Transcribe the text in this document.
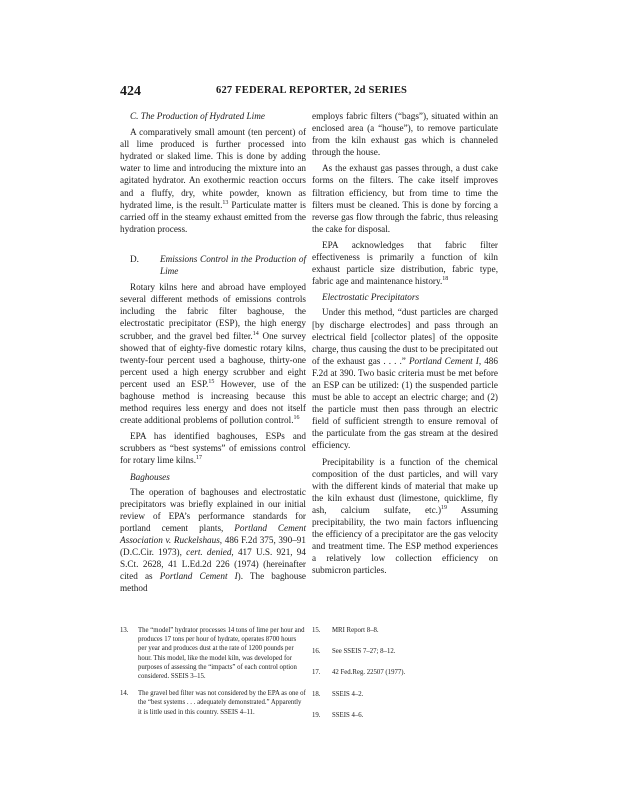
424	627 FEDERAL REPORTER, 2d SERIES
C. The Production of Hydrated Lime

A comparatively small amount (ten percent) of all lime produced is further processed into hydrated or slaked lime. This is done by adding water to lime and introducing the mixture into an agitated hydrator. An exothermic reaction occurs and a fluffy, dry, white powder, known as hydrated lime, is the result.$^{13}$ Particulate matter is carried off in the steamy exhaust emitted from the hydration process.

D.	Emissions Control in the Production of Lime

Rotary kilns here and abroad have employed several different methods of emissions controls including the fabric filter baghouse, the electrostatic precipitator (ESP), the high energy scrubber, and the gravel bed filter.$^{14}$ One survey showed that of eighty-five domestic rotary kilns, twenty-four percent used a baghouse, thirty-one percent used a high energy scrubber and eight percent used an ESP.$^{15}$ However, use of the baghouse method is increasing because this method requires less energy and does not itself create additional problems of pollution control.$^{16}$

EPA has identified baghouses, ESPs and scrubbers as “best systems” of emissions control for rotary lime kilns.$^{17}$

Baghouses

The operation of baghouses and electrostatic precipitators was briefly explained in our initial review of EPA’s performance standards for portland cement plants, Portland Cement Association v. Ruckelshaus, 486 F.2d 375, 390–91 (D.C.Cir. 1973), cert. denied, 417 U.S. 921, 94 S.Ct. 2628, 41 L.Ed.2d 226 (1974) (hereinafter cited as Portland Cement I). The baghouse method

employs fabric filters (“bags”), situated within an enclosed area (a “house”), to remove particulate from the kiln exhaust gas which is channeled through the house.

As the exhaust gas passes through, a dust cake forms on the filters. The cake itself improves filtration efficiency, but from time to time the filters must be cleaned. This is done by forcing a reverse gas flow through the fabric, thus releasing the cake for disposal.

EPA acknowledges that fabric filter effectiveness is primarily a function of kiln exhaust particle size distribution, fabric type, fabric age and maintenance history.$^{18}$

Electrostatic Precipitators

Under this method, “dust particles are charged [by discharge electrodes] and pass through an electrical field [collector plates] of the opposite charge, thus causing the dust to be precipitated out of the exhaust gas . . . .” Portland Cement I, 486 F.2d at 390. Two basic criteria must be met before an ESP can be utilized: (1) the suspended particle must be able to accept an electric charge; and (2) the particle must then pass through an electric field of sufficient strength to ensure removal of the particulate from the gas stream at the desired efficiency.

Precipitability is a function of the chemical composition of the dust particles, and will vary with the different kinds of material that make up the kiln exhaust dust (limestone, quicklime, fly ash, calcium sulfate, etc.)$^{19}$ Assuming precipitability, the two main factors influencing the efficiency of a precipitator are the gas velocity and treatment time. The ESP method experiences a relatively low collection efficiency on submicron particles.

13.	The “model” hydrator processes 14 tons of lime per hour and produces 17 tons per hour of hydrate, operates 8700 hours per year and produces dust at the rate of 1200 pounds per hour. This model, like the model kiln, was developed for purposes of assessing the “impacts” of each control option considered. SSEIS 3–15.
14.	The gravel bed filter was not considered by the EPA as one of the “best systems . . . adequately demonstrated.” Apparently it is little used in this country. SSEIS 4–11.
15.	MRI Report 8–8.
16.	See SSEIS 7–27; 8–12.
17.	42 Fed.Reg. 22507 (1977).
18.	SSEIS 4–2.
19.	SSEIS 4–6.
